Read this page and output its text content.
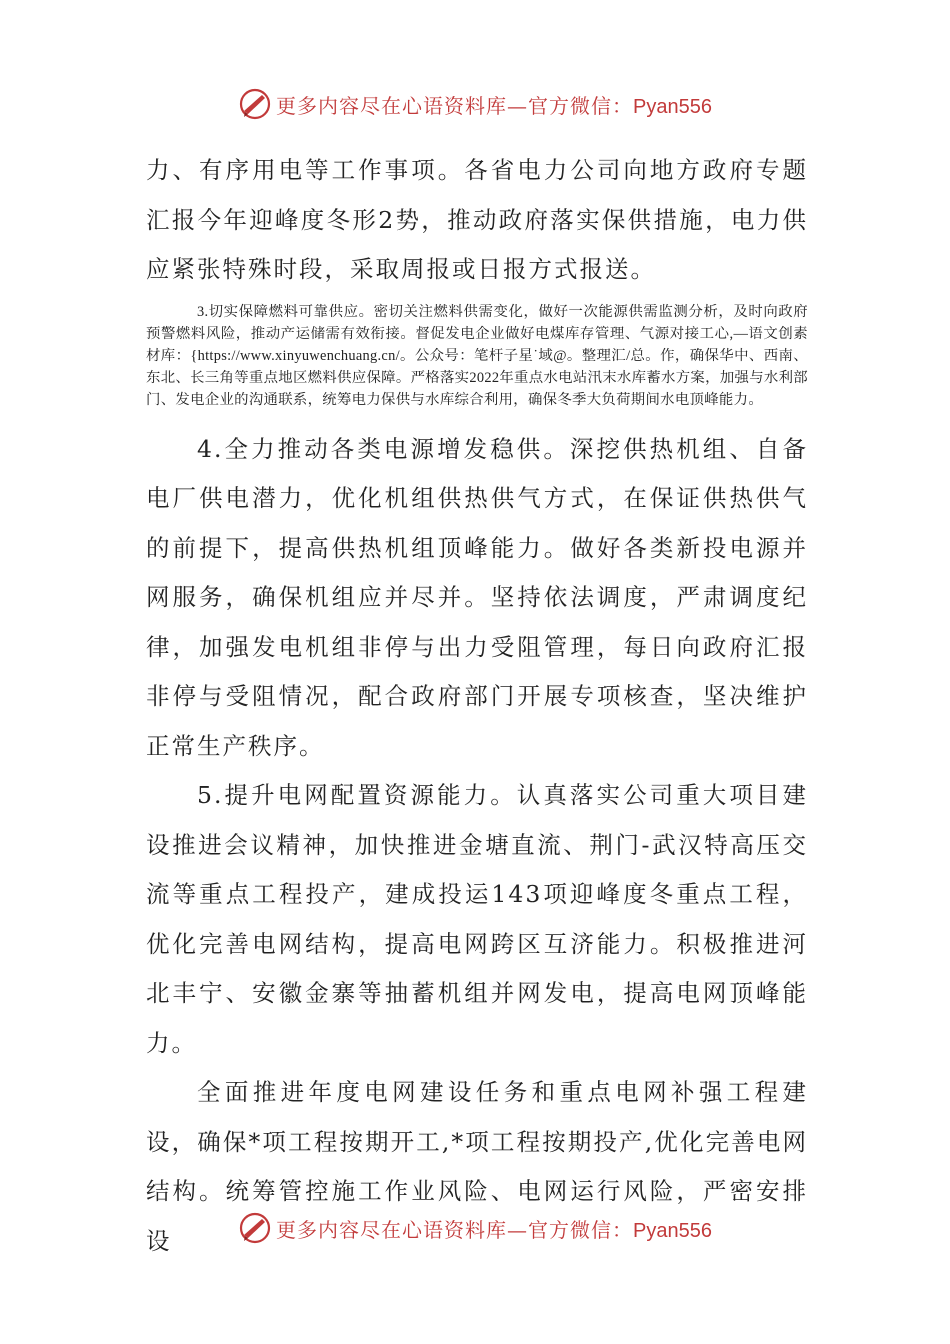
更多内容尽在心语资料库—官方微信：Pyan556

力、有序用电等工作事项。各省电力公司向地方政府专题汇报今年迎峰度冬形2势，推动政府落实保供措施，电力供应紧张特殊时段，采取周报或日报方式报送。

3.切实保障燃料可靠供应。密切关注燃料供需变化，做好一次能源供需监测分析，及时向政府预警燃料风险，推动产运储需有效衔接。督促发电企业做好电煤库存管理、气源对接工心,—语文创素材库：{https://www.xinyuwenchuang.cn/。公众号：笔杆子星˙域@。整理汇/总。作，确保华中、西南、东北、长三角等重点地区燃料供应保障。严格落实2022年重点水电站汛末水库蓄水方案，加强与水利部门、发电企业的沟通联系，统筹电力保供与水库综合利用，确保冬季大负荷期间水电顶峰能力。

4.全力推动各类电源增发稳供。深挖供热机组、自备电厂供电潜力，优化机组供热供气方式，在保证供热供气的前提下，提高供热机组顶峰能力。做好各类新投电源并网服务，确保机组应并尽并。坚持依法调度，严肃调度纪律，加强发电机组非停与出力受阻管理，每日向政府汇报非停与受阻情况，配合政府部门开展专项核查，坚决维护正常生产秩序。

5.提升电网配置资源能力。认真落实公司重大项目建设推进会议精神，加快推进金塘直流、荆门-武汉特高压交流等重点工程投产，建成投运143项迎峰度冬重点工程，优化完善电网结构，提高电网跨区互济能力。积极推进河北丰宁、安徽金寨等抽蓄机组并网发电，提高电网顶峰能力。

全面推进年度电网建设任务和重点电网补强工程建设，确保*项工程按期开工,*项工程按期投产,优化完善电网结构。统筹管控施工作业风险、电网运行风险，严密安排设	更多内容尽在心语资料库—官方微信：Pyan556
